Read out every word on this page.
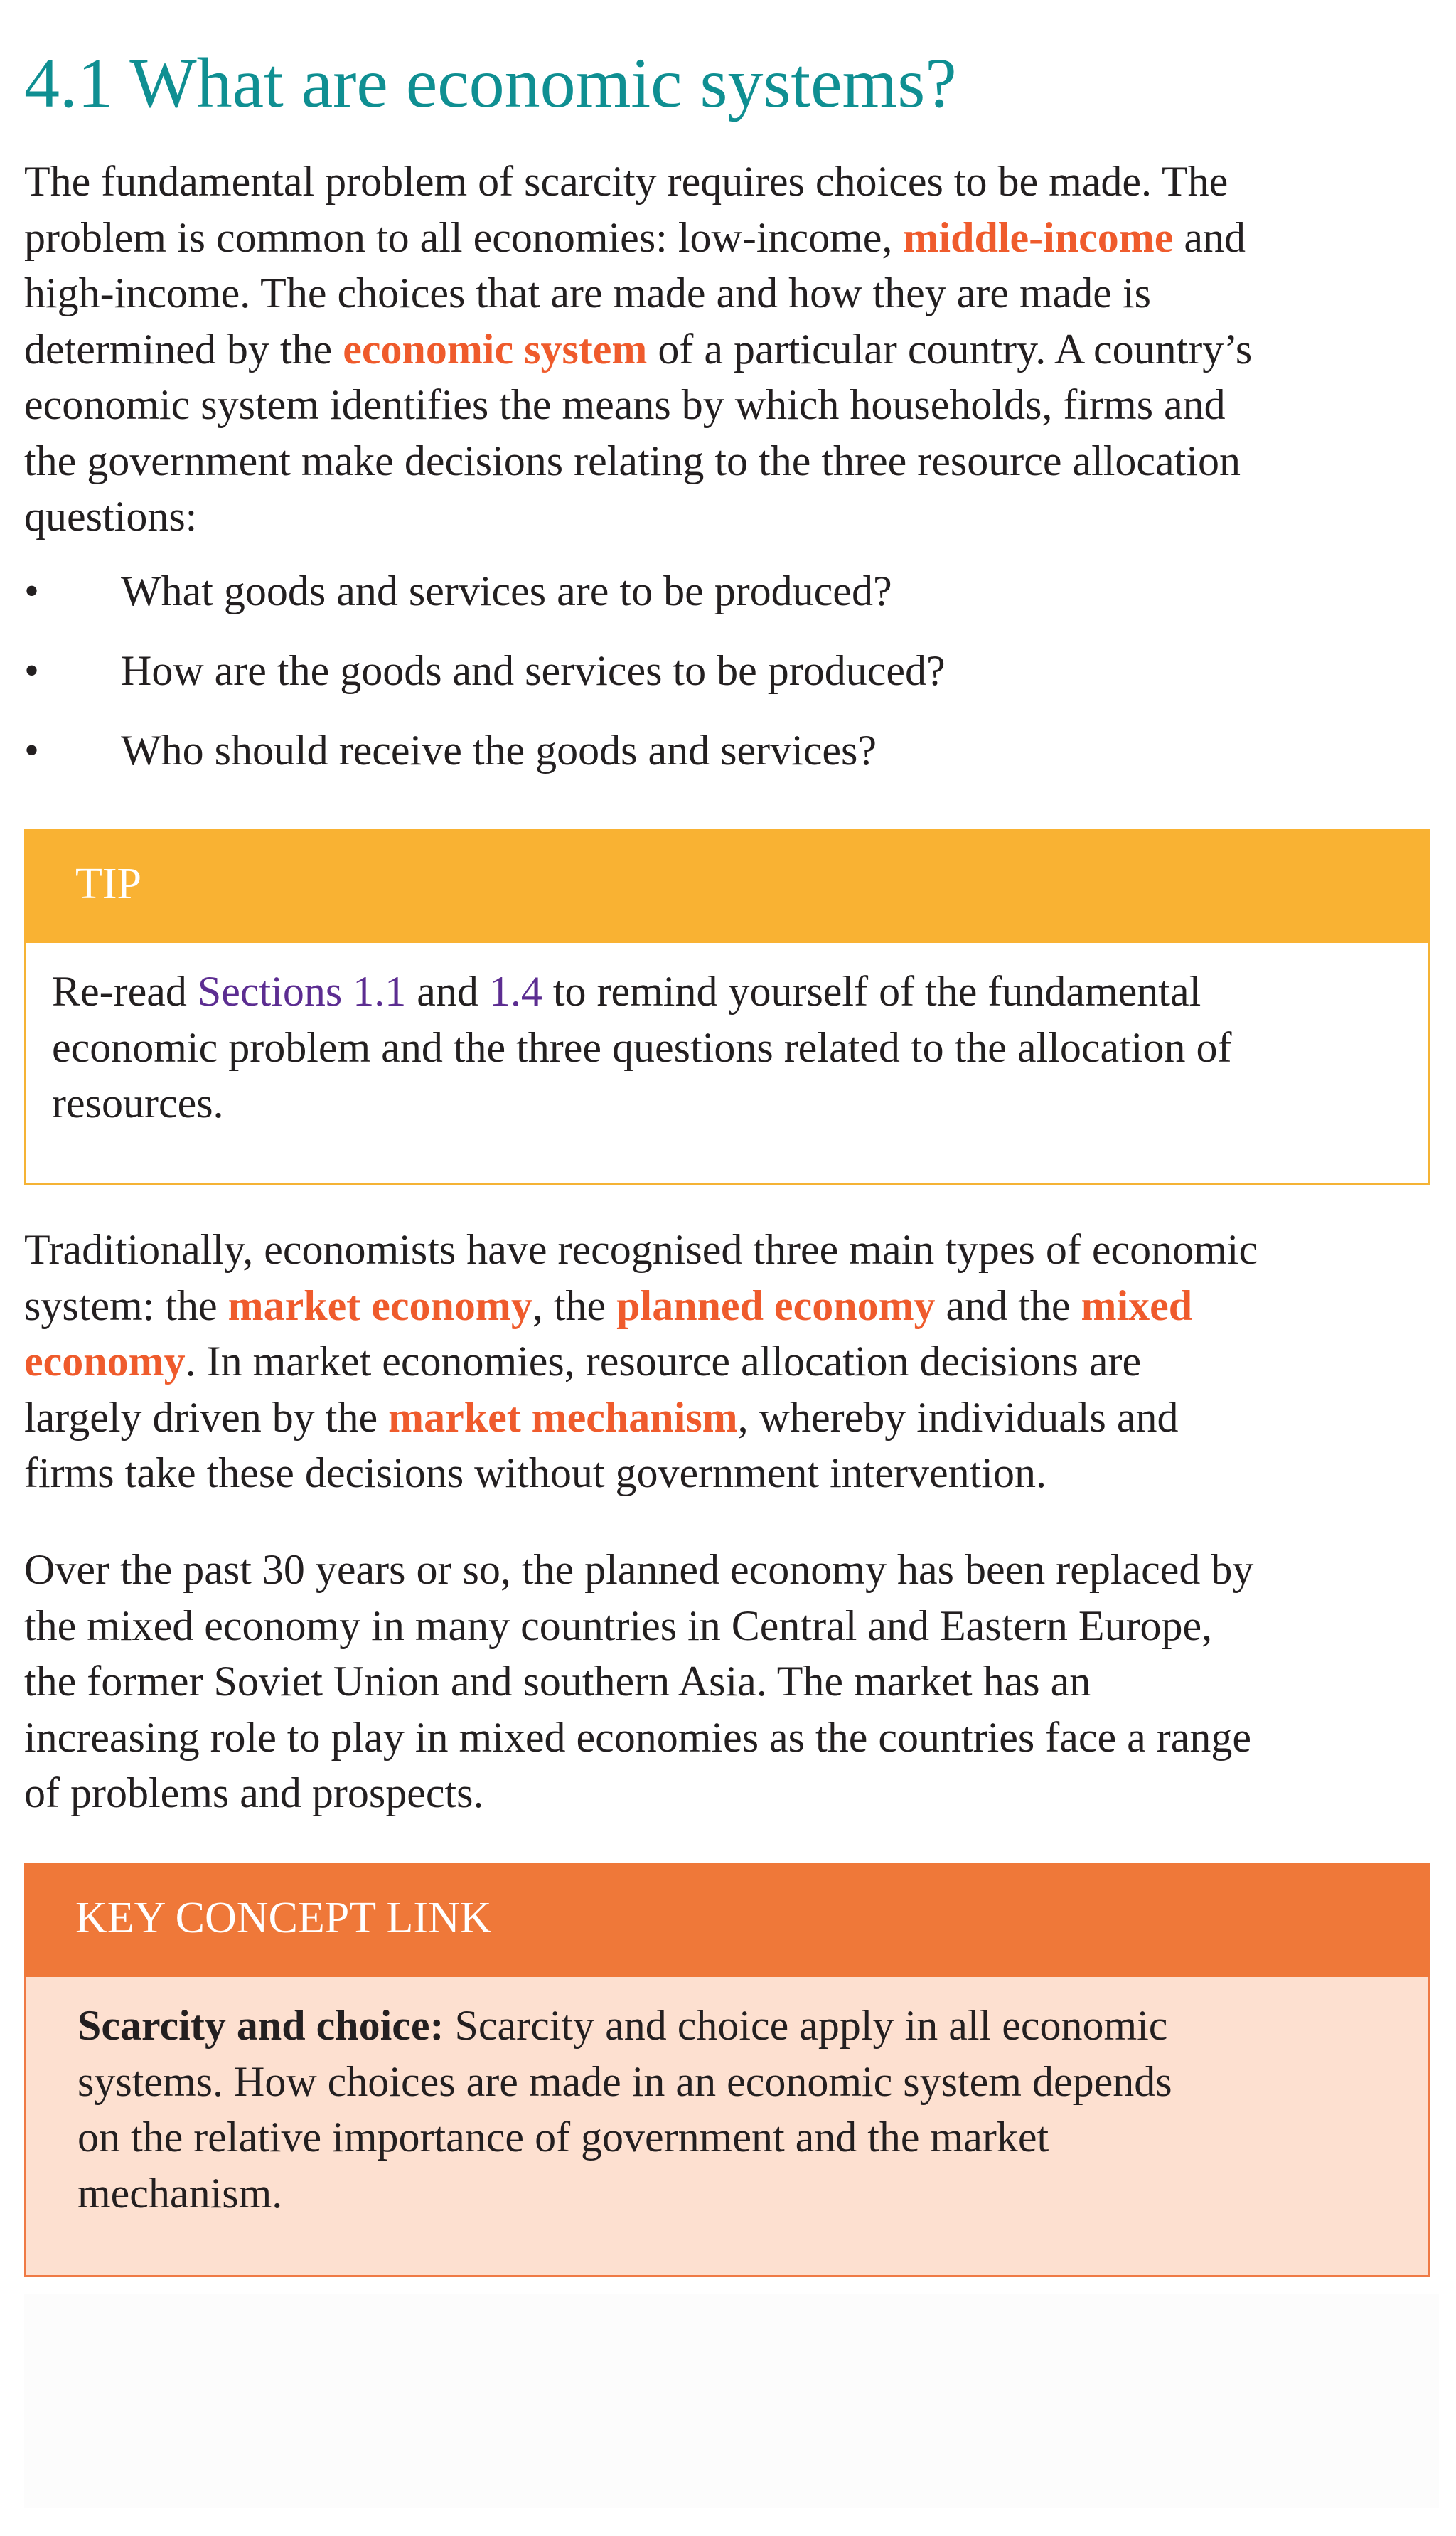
4.1 What are economic systems?

The fundamental problem of scarcity requires choices to be made. The
problem is common to all economies: low-income, middle-income and
high-income. The choices that are made and how they are made is
determined by the economic system of a particular country. A country’s
economic system identifies the means by which households, firms and
the government make decisions relating to the three resource allocation
questions:

• What goods and services are to be produced?
• How are the goods and services to be produced?
• Who should receive the goods and services?
TIP

Re-read Sections 1.1 and 1.4 to remind yourself of the fundamental
economic problem and the three questions related to the allocation of
resources.

Traditionally, economists have recognised three main types of economic
system: the market economy, the planned economy and the mixed
economy. In market economies, resource allocation decisions are
largely driven by the market mechanism, whereby individuals and
firms take these decisions without government intervention.

Over the past 30 years or so, the planned economy has been replaced by
the mixed economy in many countries in Central and Eastern Europe,
the former Soviet Union and southern Asia. The market has an
increasing role to play in mixed economies as the countries face a range
of problems and prospects.

KEY CONCEPT LINK

Scarcity and choice: Scarcity and choice apply in all economic
systems. How choices are made in an economic system depends
on the relative importance of government and the market
mechanism.
